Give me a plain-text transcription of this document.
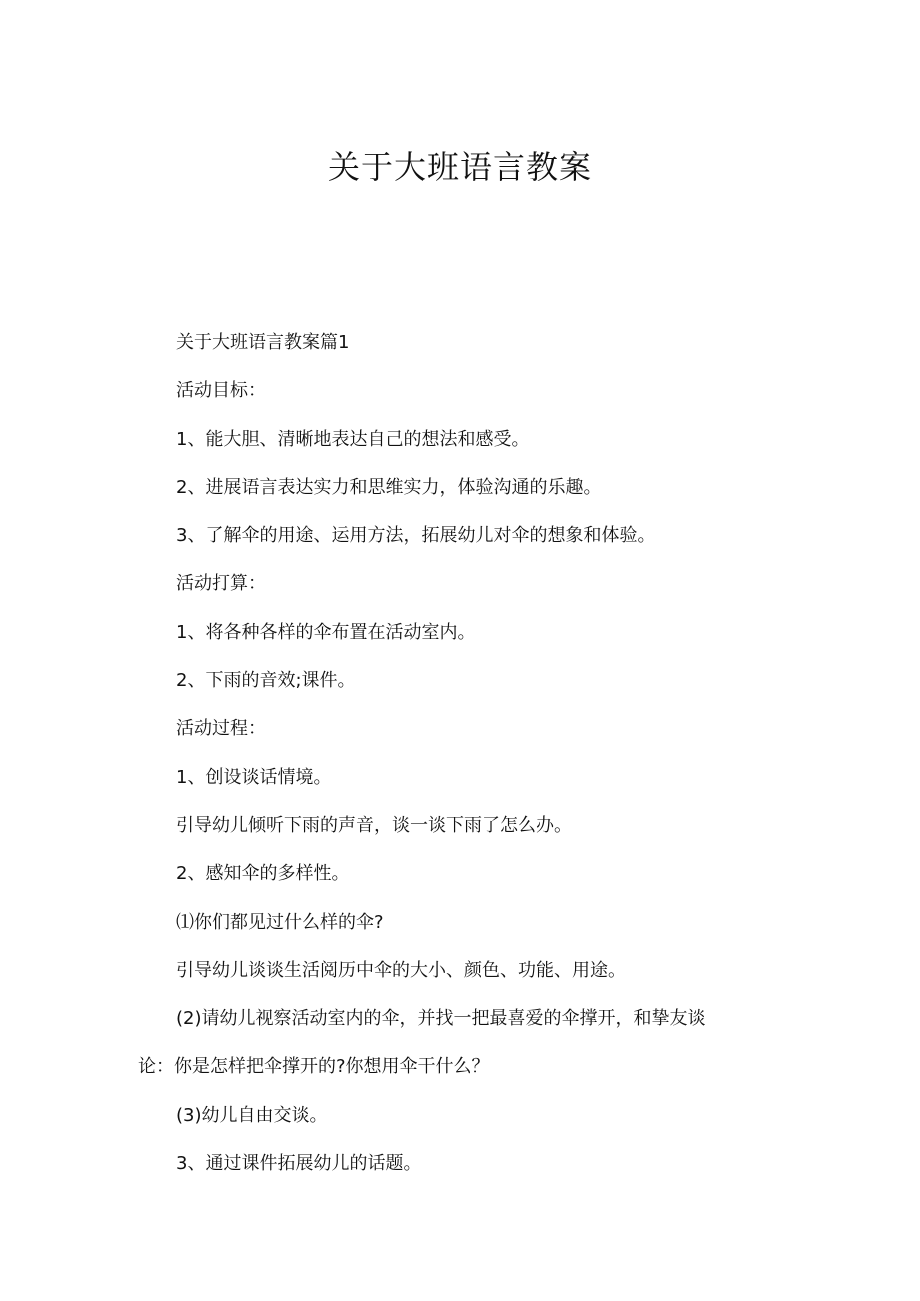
关于大班语言教案

关于大班语言教案篇1

活动目标：

1、能大胆、清晰地表达自己的想法和感受。

2、进展语言表达实力和思维实力，体验沟通的乐趣。

3、了解伞的用途、运用方法，拓展幼儿对伞的想象和体验。

活动打算：

1、将各种各样的伞布置在活动室内。

2、下雨的音效;课件。

活动过程：

1、创设谈话情境。

引导幼儿倾听下雨的声音，谈一谈下雨了怎么办。

2、感知伞的多样性。

⑴你们都见过什么样的伞?

引导幼儿谈谈生活阅历中伞的大小、颜色、功能、用途。

(2)请幼儿视察活动室内的伞，并找一把最喜爱的伞撑开，和挚友谈

论：你是怎样把伞撑开的?你想用伞干什么？

(3)幼儿自由交谈。

3、通过课件拓展幼儿的话题。
